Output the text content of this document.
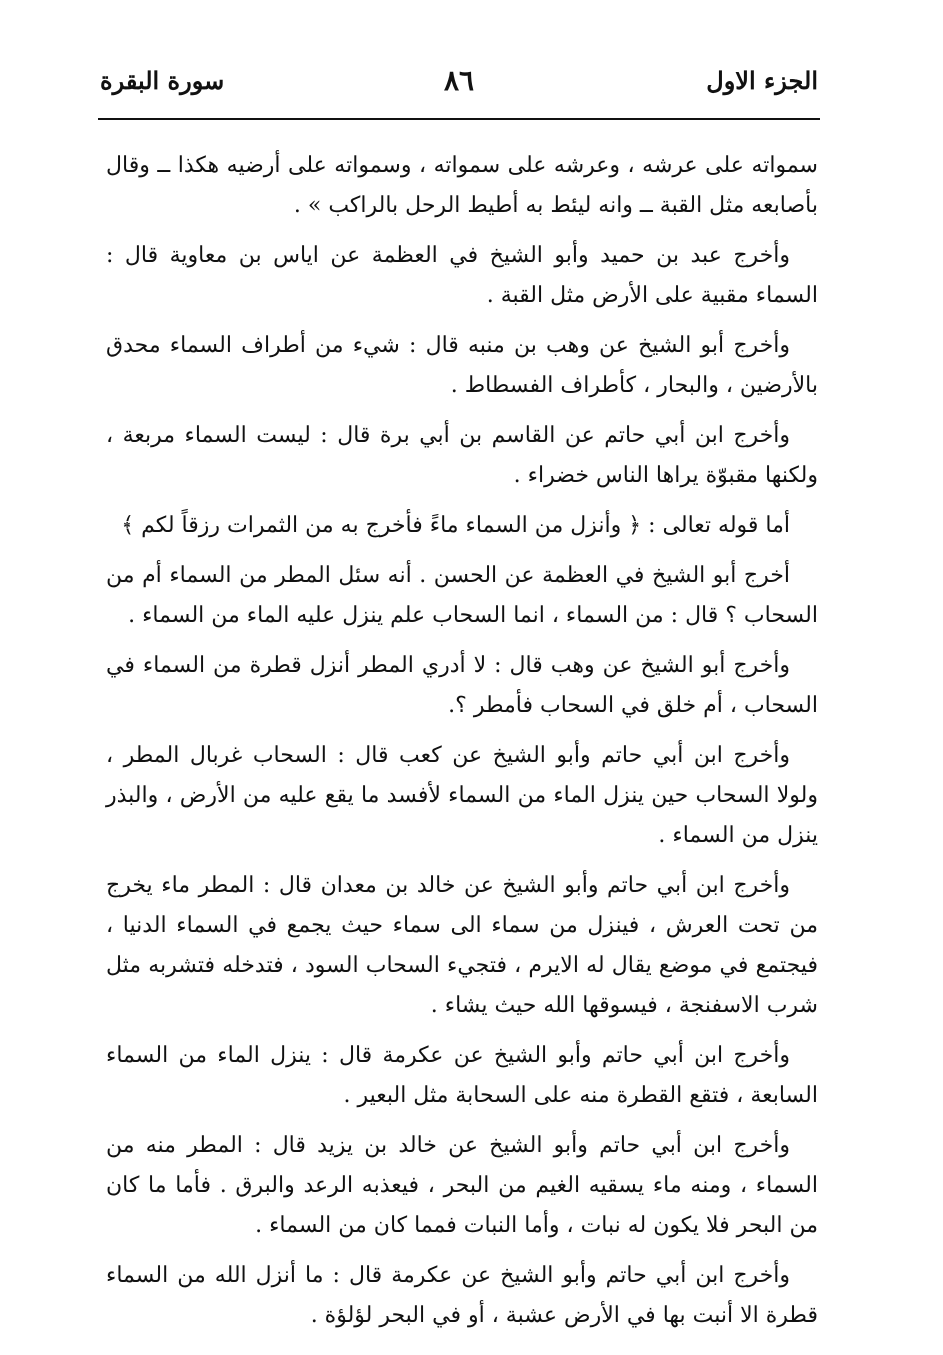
الجزء الاول
٨٦
سورة البقرة

سمواته على عرشه ، وعرشه على سمواته ، وسمواته على أرضيه هكذا ــ وقال بأصابعه مثل القبة ــ وانه ليئط به أطيط الرحل بالراكب » .

وأخرج عبد بن حميد وأبو الشيخ في العظمة عن اياس بن معاوية قال : السماء مقبية على الأرض مثل القبة .

وأخرج أبو الشيخ عن وهب بن منبه قال : شيء من أطراف السماء محدق بالأرضين ، والبحار ، كأطراف الفسطاط .

وأخرج ابن أبي حاتم عن القاسم بن أبي برة قال : ليست السماء مربعة ، ولكنها مقبوّة يراها الناس خضراء .

أما قوله تعالى : ﴿ وأنزل من السماء ماءً فأخرج به من الثمرات رزقاً لكم ﴾

أخرج أبو الشيخ في العظمة عن الحسن . أنه سئل المطر من السماء أم من السحاب ؟ قال : من السماء ، انما السحاب علم ينزل عليه الماء من السماء .

وأخرج أبو الشيخ عن وهب قال : لا أدري المطر أنزل قطرة من السماء في السحاب ، أم خلق في السحاب فأمطر ؟.

وأخرج ابن أبي حاتم وأبو الشيخ عن كعب قال : السحاب غربال المطر ، ولولا السحاب حين ينزل الماء من السماء لأفسد ما يقع عليه من الأرض ، والبذر ينزل من السماء .

وأخرج ابن أبي حاتم وأبو الشيخ عن خالد بن معدان قال : المطر ماء يخرج من تحت العرش ، فينزل من سماء الى سماء حيث يجمع في السماء الدنيا ، فيجتمع في موضع يقال له الايرم ، فتجيء السحاب السود ، فتدخله فتشربه مثل شرب الاسفنجة ، فيسوقها الله حيث يشاء .

وأخرج ابن أبي حاتم وأبو الشيخ عن عكرمة قال : ينزل الماء من السماء السابعة ، فتقع القطرة منه على السحابة مثل البعير .

وأخرج ابن أبي حاتم وأبو الشيخ عن خالد بن يزيد قال : المطر منه من السماء ، ومنه ماء يسقيه الغيم من البحر ، فيعذبه الرعد والبرق . فأما ما كان من البحر فلا يكون له نبات ، وأما النبات فمما كان من السماء .

وأخرج ابن أبي حاتم وأبو الشيخ عن عكرمة قال : ما أنزل الله من السماء قطرة الا أنبت بها في الأرض عشبة ، أو في البحر لؤلؤة .
